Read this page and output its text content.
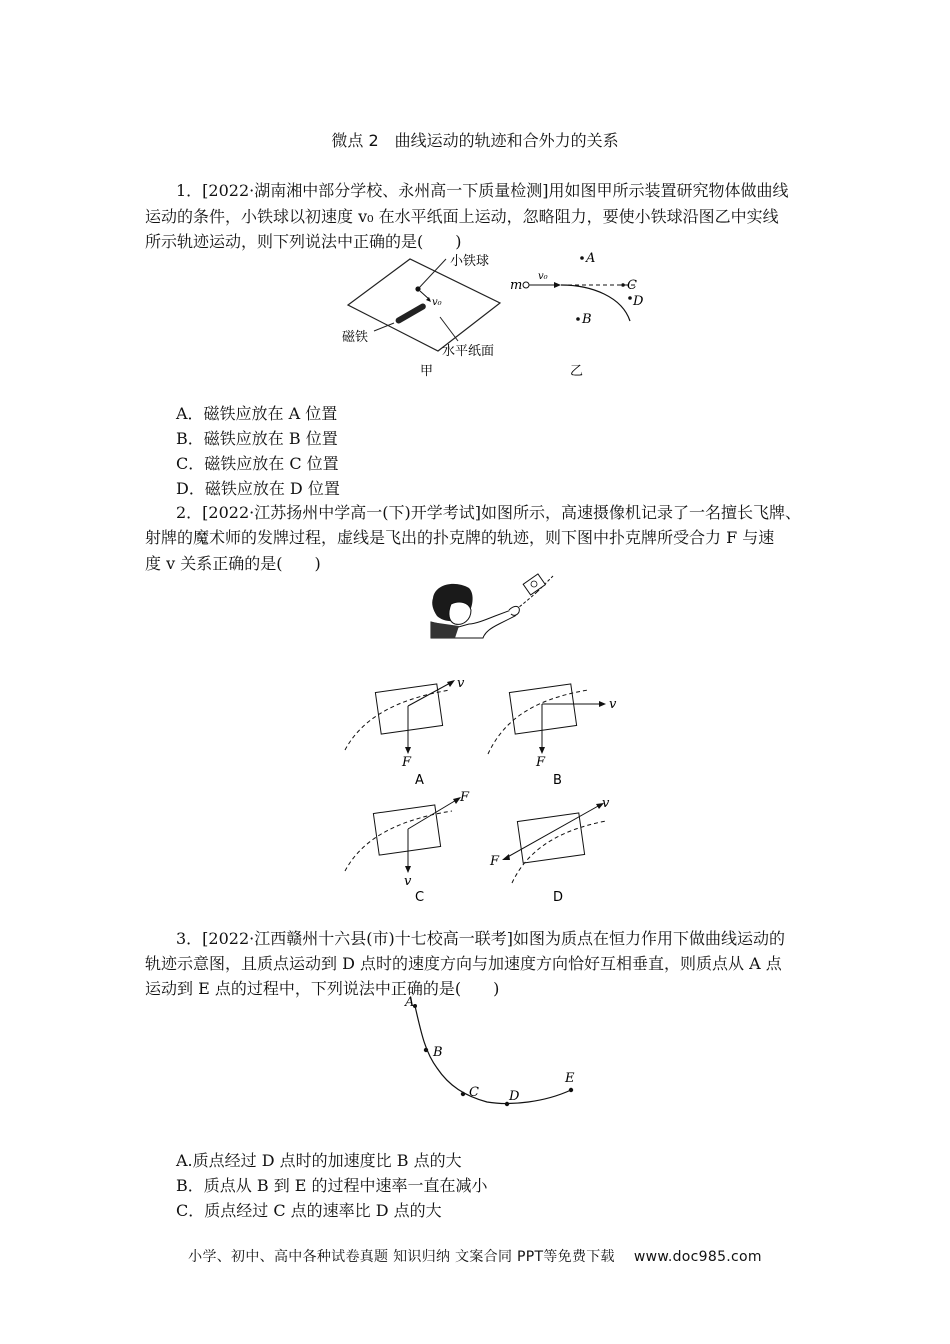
微点 2　曲线运动的轨迹和合外力的关系
1．[2022·湖南湘中部分学校、永州高一下质量检测]用如图甲所示装置研究物体做曲线
运动的条件，小铁球以初速度 v₀ 在水平纸面上运动，忽略阻力，要使小铁球沿图乙中实线
所示轨迹运动，则下列说法中正确的是(　　)
v₀
小铁球
磁铁
水平纸面
甲
m
v₀
A
C
D
B
乙
A．磁铁应放在 A 位置
B．磁铁应放在 B 位置
C．磁铁应放在 C 位置
D．磁铁应放在 D 位置
2．[2022·江苏扬州中学高一(下)开学考试]如图所示，高速摄像机记录了一名擅长飞牌、
射牌的魔术师的发牌过程，虚线是飞出的扑克牌的轨迹，则下图中扑克牌所受合力 F 与速
度 v 关系正确的是(　　)
v
F
A
v
F
B
F
v
C
v
F
D
3．[2022·江西赣州十六县(市)十七校高一联考]如图为质点在恒力作用下做曲线运动的
轨迹示意图，且质点运动到 D 点时的速度方向与加速度方向恰好互相垂直，则质点从 A 点
运动到 E 点的过程中，下列说法中正确的是(　　)
A
B
C D
E
A.质点经过 D 点时的加速度比 B 点的大
B．质点从 B 到 E 的过程中速率一直在减小
C．质点经过 C 点的速率比 D 点的大
小学、初中、高中各种试卷真题 知识归纳 文案合同 PPT等免费下载　 www.doc985.com
